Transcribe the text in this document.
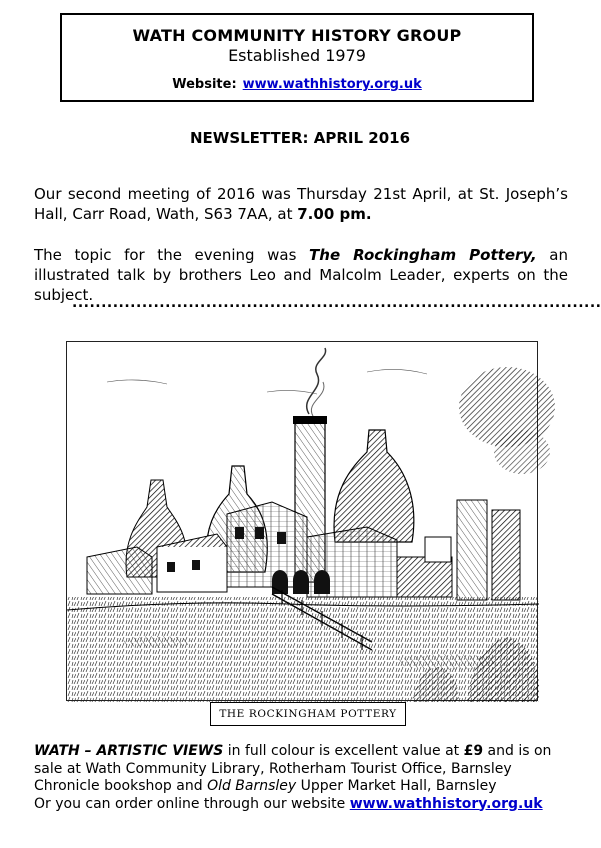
WATH COMMUNITY HISTORY GROUP
Established 1979
Website: www.wathhistory.org.uk
NEWSLETTER: APRIL 2016
Our second meeting of 2016 was Thursday 21st April, at St. Joseph’s Hall, Carr Road, Wath, S63 7AA, at 7.00 pm.
The topic for the evening was The Rockingham Pottery, an illustrated talk by brothers Leo and Malcolm Leader, experts on the subject.
...........................................................................................
THE ROCKINGHAM POTTERY
WATH – ARTISTIC VIEWS in full colour is excellent value at £9 and is on sale at Wath Community Library, Rotherham Tourist Office, Barnsley Chronicle bookshop and Old Barnsley Upper Market Hall, Barnsley
Or you can order online through our website www.wathhistory.org.uk
